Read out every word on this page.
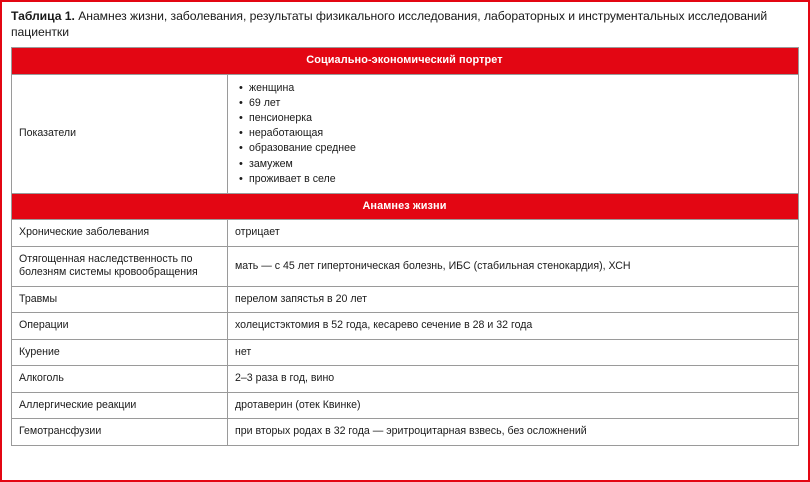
Таблица 1. Анамнез жизни, заболевания, результаты физикального исследования, лабораторных и инструментальных исследований пациентки

Социально-экономический портрет	
Показатели	
• женщина
• 69 лет
• пенсионерка
• неработающая
• образование среднее
• замужем
• проживает в селе

Анамнез жизни	
Хронические заболевания	отрицает
Отягощенная наследственность по болезням системы кровообращения	мать — с 45 лет гипертоническая болезнь, ИБС (стабильная стенокардия), ХСН
Травмы	перелом запястья в 20 лет
Операции	холецистэктомия в 52 года, кесарево сечение в 28 и 32 года
Курение	нет
Алкоголь	2–3 раза в год, вино
Аллергические реакции	дротаверин (отек Квинке)
Гемотрансфузии	при вторых родах в 32 года — эритроцитарная взвесь, без осложнений
